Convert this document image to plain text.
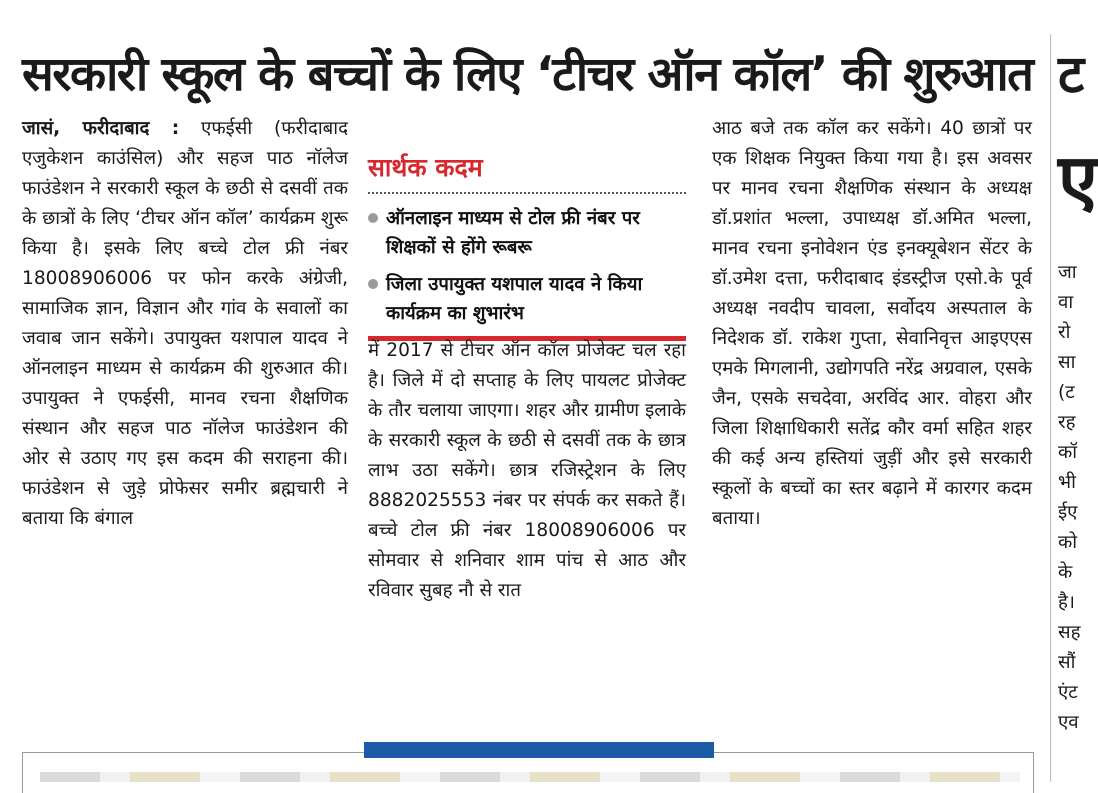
सरकारी स्कूल के बच्चों के लिए ‘टीचर ऑन कॉल’ की शुरुआत

जासं, फरीदाबाद : एफईसी (फरीदाबाद एजुकेशन काउंसिल) और सहज पाठ नॉलेज फाउंडेशन ने सरकारी स्कूल के छठी से दसवीं तक के छात्रों के लिए ‘टीचर ऑन कॉल’ कार्यक्रम शुरू किया है। इसके लिए बच्चे टोल फ्री नंबर 18008906006 पर फोन करके अंग्रेजी, सामाजिक ज्ञान, विज्ञान और गांव के सवालों का जवाब जान सकेंगे। उपायुक्त यशपाल यादव ने ऑनलाइन माध्यम से कार्यक्रम की शुरुआत की। उपायुक्त ने एफईसी, मानव रचना शैक्षणिक संस्थान और सहज पाठ नॉलेज फाउंडेशन की ओर से उठाए गए इस कदम की सराहना की। फाउंडेशन से जुड़े प्रोफेसर समीर ब्रह्मचारी ने बताया कि बंगाल

सार्थक कदम
ऑनलाइन माध्यम से टोल फ्री नंबर पर शिक्षकों से होंगे रूबरू
जिला उपायुक्त यशपाल यादव ने किया कार्यक्रम का शुभारंभ

में 2017 से टीचर ऑन कॉल प्रोजेक्ट चल रहा है। जिले में दो सप्ताह के लिए पायलट प्रोजेक्ट के तौर चलाया जाएगा। शहर और ग्रामीण इलाके के सरकारी स्कूल के छठी से दसवीं तक के छात्र लाभ उठा सकेंगे। छात्र रजिस्ट्रेशन के लिए 8882025553 नंबर पर संपर्क कर सकते हैं। बच्चे टोल फ्री नंबर 18008906006 पर सोमवार से शनिवार शाम पांच से आठ और रविवार सुबह नौ से रात

आठ बजे तक कॉल कर सकेंगे। 40 छात्रों पर एक शिक्षक नियुक्त किया गया है। इस अवसर पर मानव रचना शैक्षणिक संस्थान के अध्यक्ष डॉ.प्रशांत भल्ला, उपाध्यक्ष डॉ.अमित भल्ला, मानव रचना इनोवेशन एंड इनक्यूबेशन सेंटर के डॉ.उमेश दत्ता, फरीदाबाद इंडस्ट्रीज एसो.के पूर्व अध्यक्ष नवदीप चावला, सर्वोदय अस्पताल के निदेशक डॉ. राकेश गुप्ता, सेवानिवृत्त आइएएस एमके मिगलानी, उद्योगपति नरेंद्र अग्रवाल, एसके जैन, एसके सचदेवा, अरविंद आर. वोहरा और जिला शिक्षाधिकारी सतेंद्र कौर वर्मा सहित शहर की कई अन्य हस्तियां जुड़ीं और इसे सरकारी स्कूलों के बच्चों का स्तर बढ़ाने में कारगर कदम बताया।

ट
ए
जा
वा
रो
सा
(ट
रह
कॉ
भी
ईए
को
के
है।
सह
सौं
एंट
एव
